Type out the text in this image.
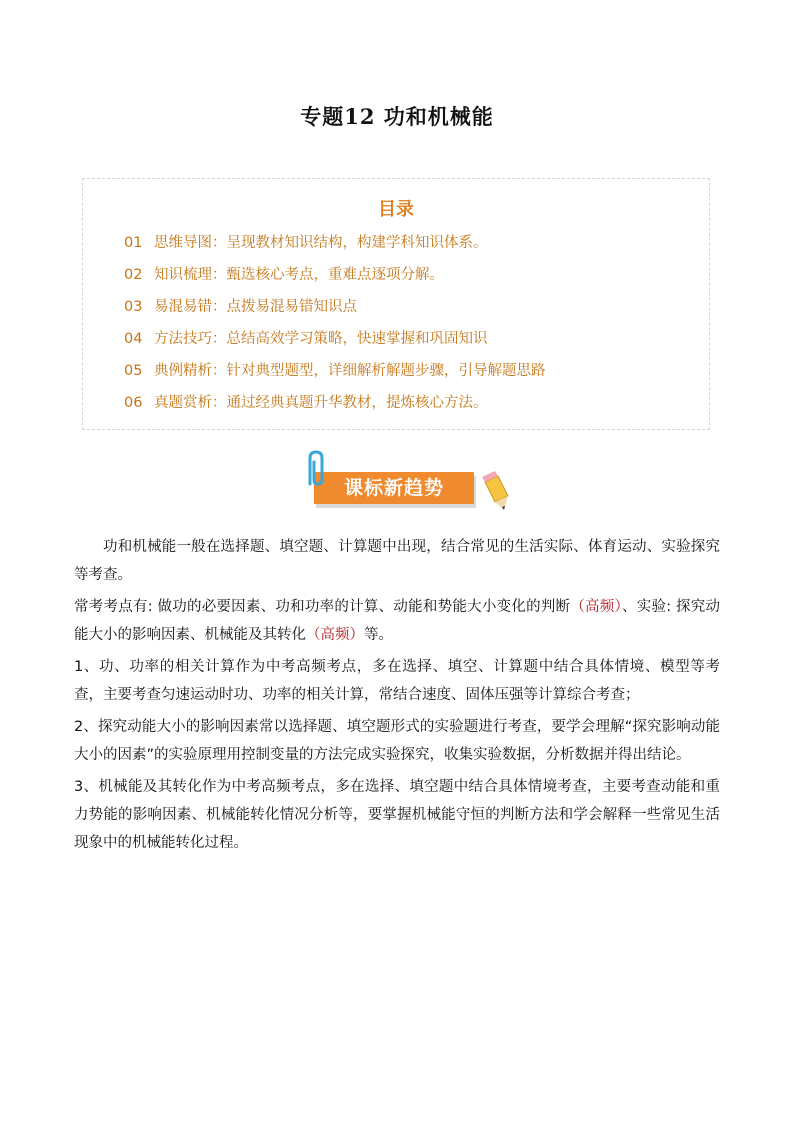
专题12 功和机械能
目录
01 思维导图：呈现教材知识结构，构建学科知识体系。
02 知识梳理：甄选核心考点，重难点逐项分解。
03 易混易错：点拨易混易错知识点
04 方法技巧：总结高效学习策略，快速掌握和巩固知识
05 典例精析：针对典型题型，详细解析解题步骤，引导解题思路
06 真题赏析：通过经典真题升华教材，提炼核心方法。
课标新趋势

功和机械能一般在选择题、填空题、计算题中出现，结合常见的生活实际、体育运动、实验探究等考查。

常考考点有: 做功的必要因素、功和功率的计算、动能和势能大小变化的判断（高频）、实验: 探究动能大小的影响因素、机械能及其转化（高频）等。

1、功、功率的相关计算作为中考高频考点，多在选择、填空、计算题中结合具体情境、模型等考查，主要考查匀速运动时功、功率的相关计算，常结合速度、固体压强等计算综合考查；

2、探究动能大小的影响因素常以选择题、填空题形式的实验题进行考查，要学会理解“探究影响动能大小的因素”的实验原理用控制变量的方法完成实验探究，收集实验数据，分析数据并得出结论。

3、机械能及其转化作为中考高频考点，多在选择、填空题中结合具体情境考查，主要考查动能和重力势能的影响因素、机械能转化情况分析等，要掌握机械能守恒的判断方法和学会解释一些常见生活现象中的机械能转化过程。
